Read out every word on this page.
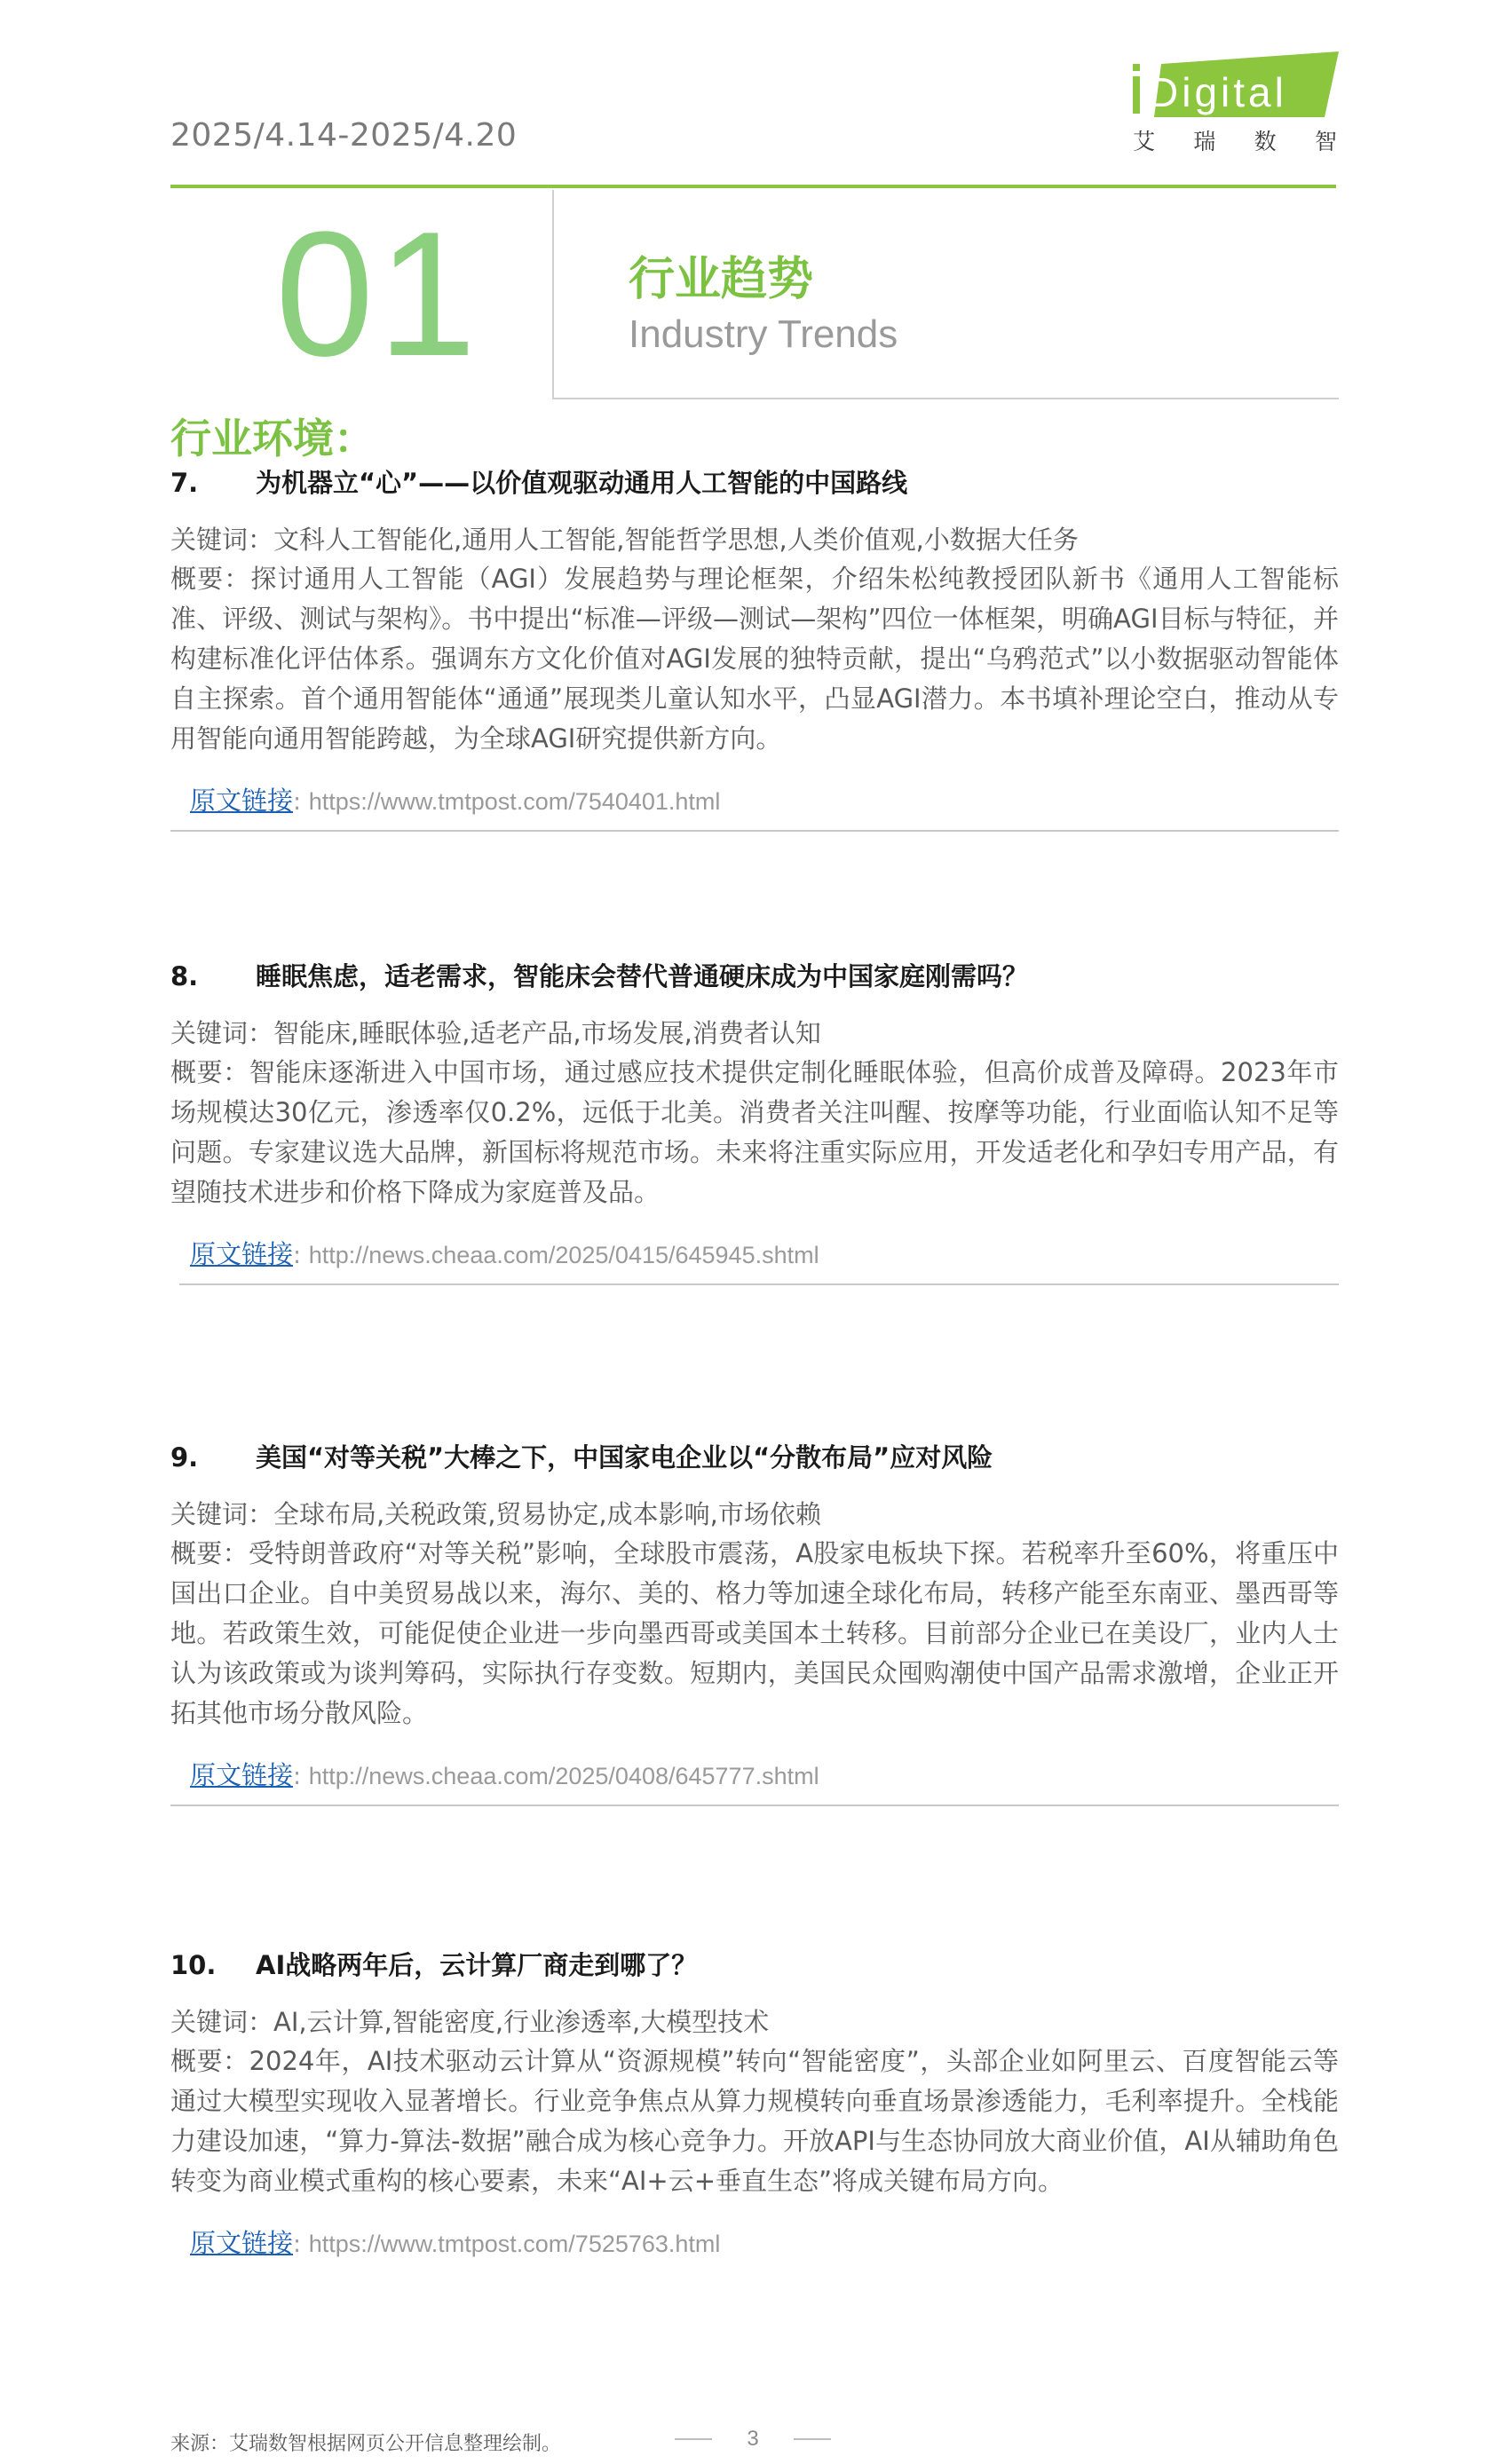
2025/4.14-2025/4.20
Digital
艾 瑞 数 智
01	行业趋势
Industry Trends
行业环境：
7. 为机器立“心”——以价值观驱动通用人工智能的中国路线
关键词：文科人工智能化,通用人工智能,智能哲学思想,人类价值观,小数据大任务
概要：探讨通用人工智能（AGI）发展趋势与理论框架，介绍朱松纯教授团队新书《通用人工智能标准、评级、测试与架构》。书中提出“标准—评级—测试—架构”四位一体框架，明确AGI目标与特征，并构建标准化评估体系。强调东方文化价值对AGI发展的独特贡献，提出“乌鸦范式”以小数据驱动智能体自主探索。首个通用智能体“通通”展现类儿童认知水平，凸显AGI潜力。本书填补理论空白，推动从专用智能向通用智能跨越，为全球AGI研究提供新方向。
原文链接: https://www.tmtpost.com/7540401.html
8. 睡眠焦虑，适老需求，智能床会替代普通硬床成为中国家庭刚需吗？
关键词：智能床,睡眠体验,适老产品,市场发展,消费者认知
概要：智能床逐渐进入中国市场，通过感应技术提供定制化睡眠体验，但高价成普及障碍。2023年市场规模达30亿元，渗透率仅0.2%，远低于北美。消费者关注叫醒、按摩等功能，行业面临认知不足等问题。专家建议选大品牌，新国标将规范市场。未来将注重实际应用，开发适老化和孕妇专用产品，有望随技术进步和价格下降成为家庭普及品。
原文链接: http://news.cheaa.com/2025/0415/645945.shtml
9. 美国“对等关税”大棒之下，中国家电企业以“分散布局”应对风险
关键词：全球布局,关税政策,贸易协定,成本影响,市场依赖
概要：受特朗普政府“对等关税”影响，全球股市震荡，A股家电板块下探。若税率升至60%，将重压中国出口企业。自中美贸易战以来，海尔、美的、格力等加速全球化布局，转移产能至东南亚、墨西哥等地。若政策生效，可能促使企业进一步向墨西哥或美国本土转移。目前部分企业已在美设厂，业内人士认为该政策或为谈判筹码，实际执行存变数。短期内，美国民众囤购潮使中国产品需求激增，企业正开拓其他市场分散风险。
原文链接: http://news.cheaa.com/2025/0408/645777.shtml
10. AI战略两年后，云计算厂商走到哪了？
关键词：AI,云计算,智能密度,行业渗透率,大模型技术
概要：2024年，AI技术驱动云计算从“资源规模”转向“智能密度”，头部企业如阿里云、百度智能云等通过大模型实现收入显著增长。行业竞争焦点从算力规模转向垂直场景渗透能力，毛利率提升。全栈能力建设加速，“算力-算法-数据”融合成为核心竞争力。开放API与生态协同放大商业价值，AI从辅助角色转变为商业模式重构的核心要素，未来“AI+云+垂直生态”将成关键布局方向。
原文链接: https://www.tmtpost.com/7525763.html
来源：艾瑞数智根据网页公开信息整理绘制。	3
